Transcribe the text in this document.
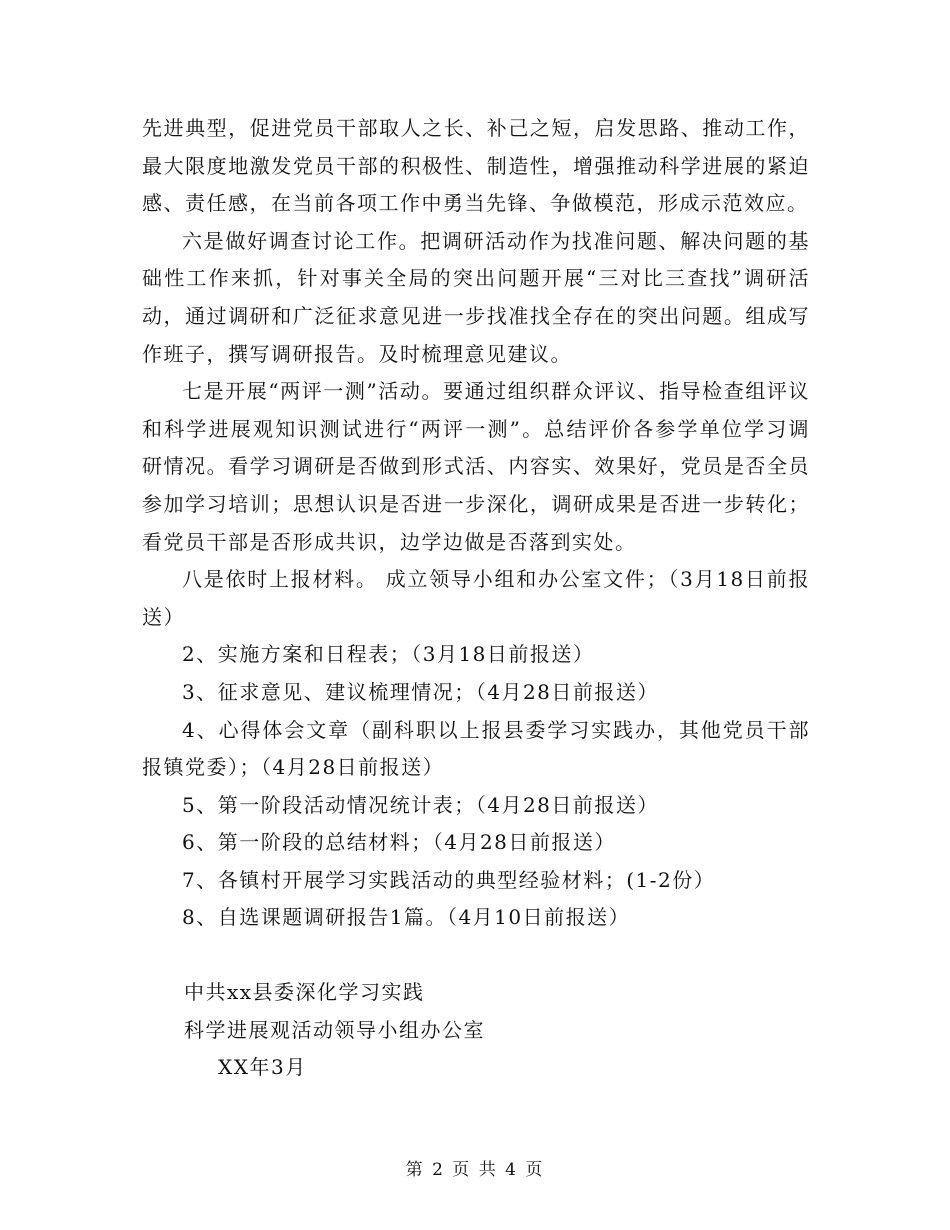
先进典型，促进党员干部取人之长、补己之短，启发思路、推动工作，最大限度地激发党员干部的积极性、制造性，增强推动科学进展的紧迫感、责任感，在当前各项工作中勇当先锋、争做模范，形成示范效应。

六是做好调查讨论工作。把调研活动作为找准问题、解决问题的基础性工作来抓，针对事关全局的突出问题开展“三对比三查找”调研活动，通过调研和广泛征求意见进一步找准找全存在的突出问题。组成写作班子，撰写调研报告。及时梳理意见建议。

七是开展“两评一测”活动。要通过组织群众评议、指导检查组评议和科学进展观知识测试进行“两评一测”。总结评价各参学单位学习调研情况。看学习调研是否做到形式活、内容实、效果好，党员是否全员参加学习培训；思想认识是否进一步深化，调研成果是否进一步转化；看党员干部是否形成共识，边学边做是否落到实处。

八是依时上报材料。 成立领导小组和办公室文件；（3月18日前报送）

2、实施方案和日程表；（3月18日前报送）

3、征求意见、建议梳理情况；（4月28日前报送）

4、心得体会文章（副科职以上报县委学习实践办，其他党员干部报镇党委）；（4月28日前报送）

5、第一阶段活动情况统计表；（4月28日前报送）

6、第一阶段的总结材料；（4月28日前报送）

7、各镇村开展学习实践活动的典型经验材料；(1-2份）

8、自选课题调研报告1篇。（4月10日前报送）

中共xx县委深化学习实践

科学进展观活动领导小组办公室

XX年3月

第 2 页 共 4 页
